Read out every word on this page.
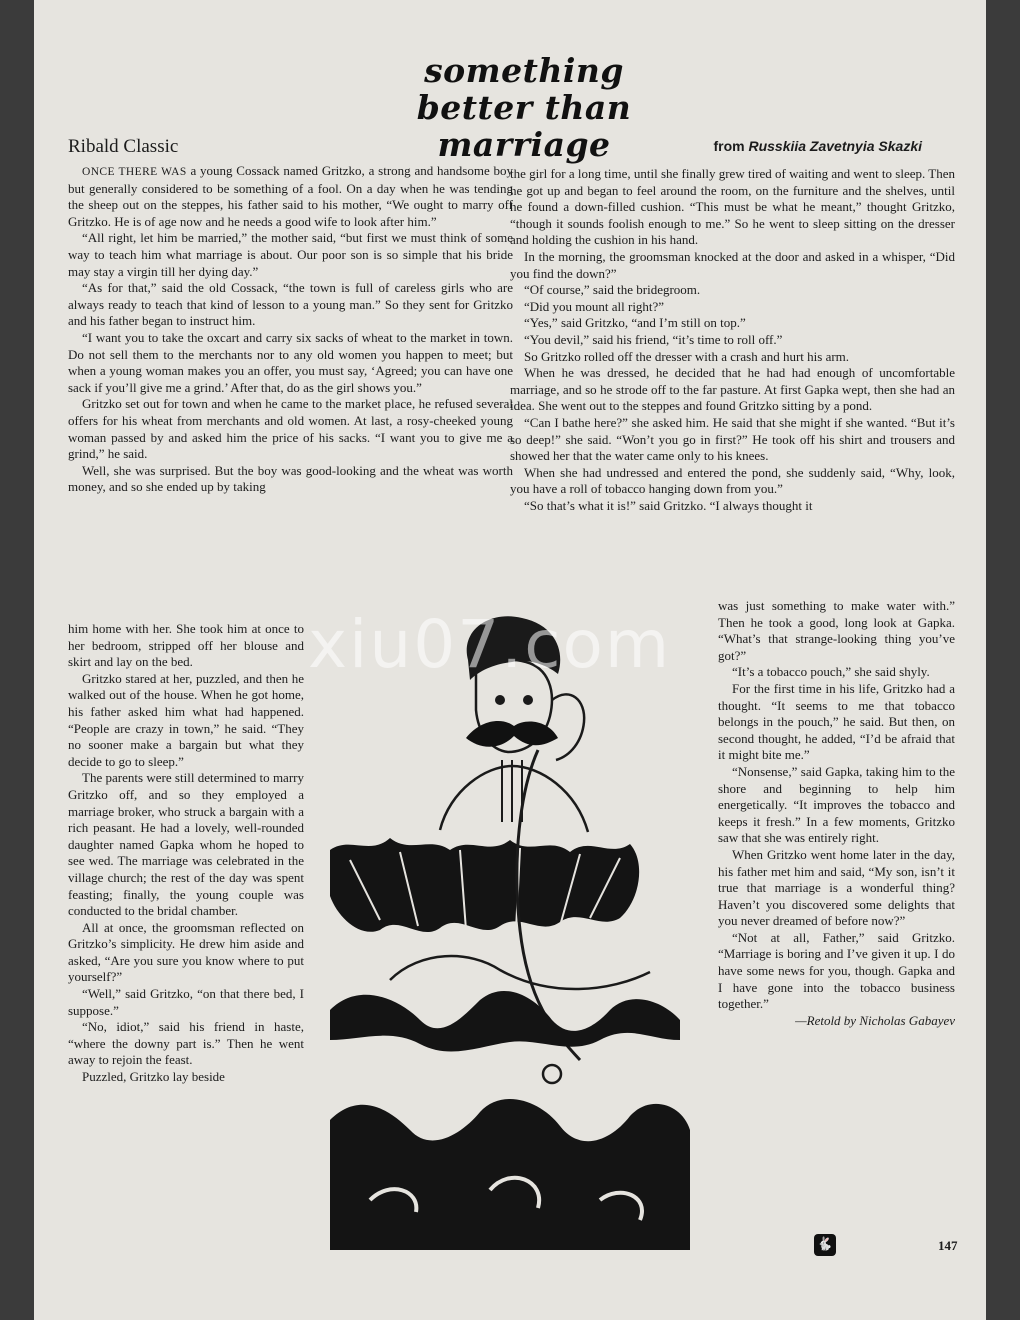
something
better than
marriage
Ribald Classic	from Russkiia Zavetnyia Skazki

ONCE THERE WAS a young Cossack named Gritzko, a strong and handsome boy but generally considered to be something of a fool. On a day when he was tending the sheep out on the steppes, his father said to his mother, “We ought to marry off Gritzko. He is of age now and he needs a good wife to look after him.”

“All right, let him be married,” the mother said, “but first we must think of some way to teach him what marriage is about. Our poor son is so simple that his bride may stay a virgin till her dying day.”

“As for that,” said the old Cossack, “the town is full of careless girls who are always ready to teach that kind of lesson to a young man.” So they sent for Gritzko and his father began to instruct him.

“I want you to take the oxcart and carry six sacks of wheat to the market in town. Do not sell them to the merchants nor to any old women you happen to meet; but when a young woman makes you an offer, you must say, ‘Agreed; you can have one sack if you’ll give me a grind.’ After that, do as the girl shows you.”

Gritzko set out for town and when he came to the market place, he refused several offers for his wheat from merchants and old women. At last, a rosy-cheeked young woman passed by and asked him the price of his sacks. “I want you to give me a grind,” he said.

Well, she was surprised. But the boy was good-looking and the wheat was worth money, and so she ended up by taking

him home with her. She took him at once to her bedroom, stripped off her blouse and skirt and lay on the bed.

Gritzko stared at her, puzzled, and then he walked out of the house. When he got home, his father asked him what had happened. “People are crazy in town,” he said. “They no sooner make a bargain but what they decide to go to sleep.”

The parents were still determined to marry Gritzko off, and so they employed a marriage broker, who struck a bargain with a rich peasant. He had a lovely, well-rounded daughter named Gapka whom he hoped to see wed. The marriage was celebrated in the village church; the rest of the day was spent feasting; finally, the young couple was conducted to the bridal chamber.

All at once, the groomsman reflected on Gritzko’s simplicity. He drew him aside and asked, “Are you sure you know where to put yourself?”

“Well,” said Gritzko, “on that there bed, I suppose.”

“No, idiot,” said his friend in haste, “where the downy part is.” Then he went away to rejoin the feast.

Puzzled, Gritzko lay beside

the girl for a long time, until she finally grew tired of waiting and went to sleep. Then he got up and began to feel around the room, on the furniture and the shelves, until he found a down-filled cushion. “This must be what he meant,” thought Gritzko, “though it sounds foolish enough to me.” So he went to sleep sitting on the dresser and holding the cushion in his hand.

In the morning, the groomsman knocked at the door and asked in a whisper, “Did you find the down?”

“Of course,” said the bridegroom.

“Did you mount all right?”

“Yes,” said Gritzko, “and I’m still on top.”

“You devil,” said his friend, “it’s time to roll off.”

So Gritzko rolled off the dresser with a crash and hurt his arm.

When he was dressed, he decided that he had had enough of uncomfortable marriage, and so he strode off to the far pasture. At first Gapka wept, then she had an idea. She went out to the steppes and found Gritzko sitting by a pond.

“Can I bathe here?” she asked him. He said that she might if she wanted. “But it’s so deep!” she said. “Won’t you go in first?” He took off his shirt and trousers and showed her that the water came only to his knees.

When she had undressed and entered the pond, she suddenly said, “Why, look, you have a roll of tobacco hanging down from you.”

“So that’s what it is!” said Gritzko. “I always thought it

was just something to make water with.” Then he took a good, long look at Gapka. “What’s that strange-looking thing you’ve got?”

“It’s a tobacco pouch,” she said shyly.

For the first time in his life, Gritzko had a thought. “It seems to me that tobacco belongs in the pouch,” he said. But then, on second thought, he added, “I’d be afraid that it might bite me.”

“Nonsense,” said Gapka, taking him to the shore and beginning to help him energetically. “It improves the tobacco and keeps it fresh.” In a few moments, Gritzko saw that she was entirely right.

When Gritzko went home later in the day, his father met him and said, “My son, isn’t it true that marriage is a wonderful thing? Haven’t you discovered some delights that you never dreamed of before now?”

“Not at all, Father,” said Gritzko. “Marriage is boring and I’ve given it up. I do have some news for you, though. Gapka and I have gone into the tobacco business together.”

—Retold by Nicholas Gabayev

xiu07.com
🐇	147
